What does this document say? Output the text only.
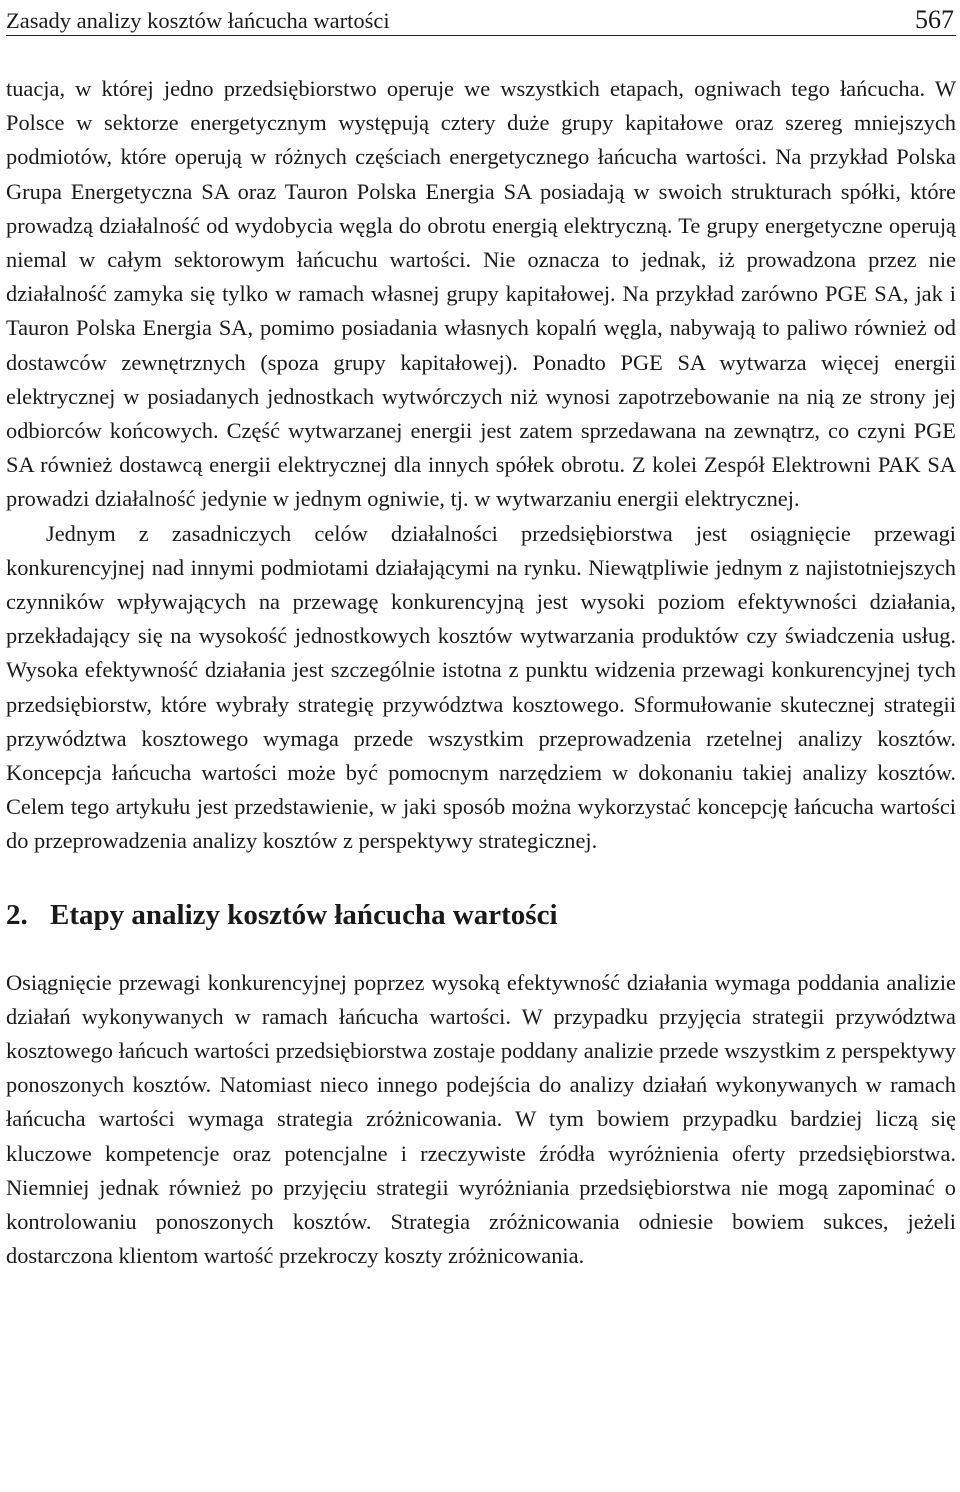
Zasady analizy kosztów łańcucha wartości	567

tuacja, w której jedno przedsiębiorstwo operuje we wszystkich etapach, ogniwach tego łańcucha. W Polsce w sektorze energetycznym występują cztery duże grupy kapitałowe oraz szereg mniejszych podmiotów, które operują w różnych częściach energetycznego łańcucha wartości. Na przykład Polska Grupa Energetyczna SA oraz Tauron Polska Energia SA posiadają w swoich strukturach spółki, które prowadzą działalność od wydobycia węgla do obrotu energią elektryczną. Te grupy energetyczne operują niemal w całym sektorowym łańcuchu wartości. Nie oznacza to jednak, iż prowadzona przez nie działalność zamyka się tylko w ramach własnej grupy kapitałowej. Na przykład zarówno PGE SA, jak i Tauron Polska Energia SA, pomimo posiadania własnych kopalń węgla, nabywają to paliwo również od dostawców zewnętrznych (spoza grupy kapitałowej). Ponadto PGE SA wytwarza więcej energii elektrycznej w posiadanych jednostkach wytwórczych niż wynosi zapotrzebowanie na nią ze strony jej odbiorców końcowych. Część wytwarzanej energii jest zatem sprzedawana na zewnątrz, co czyni PGE SA również dostawcą energii elektrycznej dla innych spółek obrotu. Z kolei Zespół Elektrowni PAK SA prowadzi działalność jedynie w jednym ogniwie, tj. w wytwarzaniu energii elektrycznej.

Jednym z zasadniczych celów działalności przedsiębiorstwa jest osiągnięcie przewagi konkurencyjnej nad innymi podmiotami działającymi na rynku. Niewątpliwie jednym z najistotniejszych czynników wpływających na przewagę konkurencyjną jest wysoki poziom efektywności działania, przekładający się na wysokość jednostkowych kosztów wytwarzania produktów czy świadczenia usług. Wysoka efektywność działania jest szczególnie istotna z punktu widzenia przewagi konkurencyjnej tych przedsiębiorstw, które wybrały strategię przywództwa kosztowego. Sformułowanie skutecznej strategii przywództwa kosztowego wymaga przede wszystkim przeprowadzenia rzetelnej analizy kosztów. Koncepcja łańcucha wartości może być pomocnym narzędziem w dokonaniu takiej analizy kosztów. Celem tego artykułu jest przedstawienie, w jaki sposób można wykorzystać koncepcję łańcucha wartości do przeprowadzenia analizy kosztów z perspektywy strategicznej.

2. Etapy analizy kosztów łańcucha wartości

Osiągnięcie przewagi konkurencyjnej poprzez wysoką efektywność działania wymaga poddania analizie działań wykonywanych w ramach łańcucha wartości. W przypadku przyjęcia strategii przywództwa kosztowego łańcuch wartości przedsiębiorstwa zostaje poddany analizie przede wszystkim z perspektywy ponoszonych kosztów. Natomiast nieco innego podejścia do analizy działań wykonywanych w ramach łańcucha wartości wymaga strategia zróżnicowania. W tym bowiem przypadku bardziej liczą się kluczowe kompetencje oraz potencjalne i rzeczywiste źródła wyróżnienia oferty przedsiębiorstwa. Niemniej jednak również po przyjęciu strategii wyróżniania przedsiębiorstwa nie mogą zapominać o kontrolowaniu ponoszonych kosztów. Strategia zróżnicowania odniesie bowiem sukces, jeżeli dostarczona klientom wartość przekroczy koszty zróżnicowania.
